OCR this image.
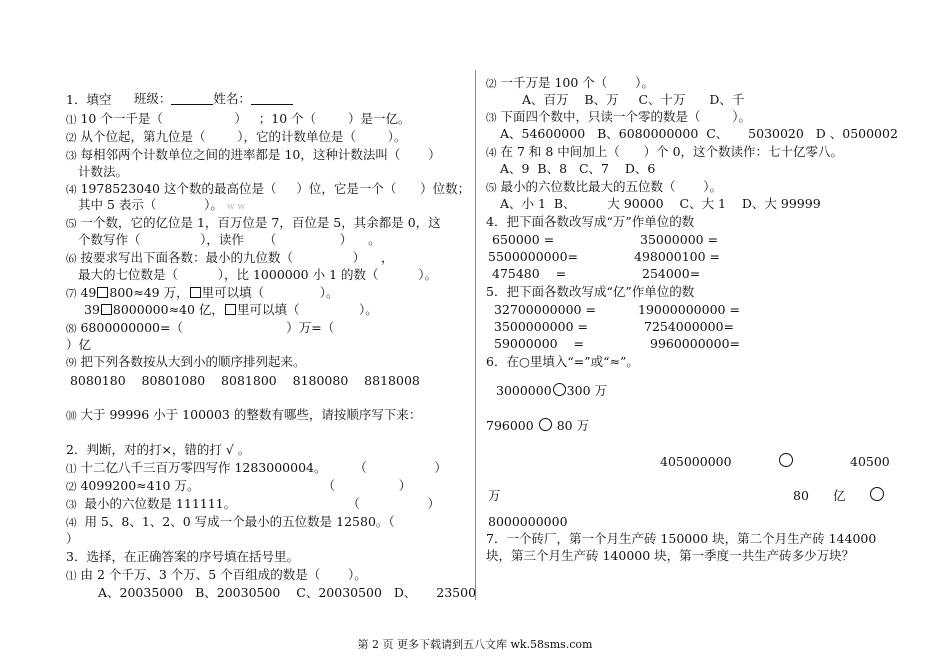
班级：	姓名：

1．填空
⑴ 10 个一千是（                  ）   ；10 个（        ）是一亿。
⑵ 从个位起，第九位是（        ），它的计数单位是（        ）。
⑶ 每相邻两个计数单位之间的进率都是 10，这种计数法叫（       ）
计数法。
⑷ 1978523040 这个数的最高位是（     ）位，它是一个（      ）位数；
其中 5 表示（            ）。 w w
⑸ 一个数，它的亿位是 1，百万位是 7，百位是 5，其余都是 0，这
个数写作（               ），读作     （                ）    。
⑹ 按要求写出下面各数：最小的九位数（               ）    ，
最大的七位数是（          ），比 1000000 小 1 的数（          ）。
⑺ 49 800≈49 万， 里可以填（              ）。
39 8000000≈40 亿， 里可以填（               ）。
⑻ 6800000000=（                          ）万=（
）亿
⑼ 把下列各数按从大到小的顺序排列起来。
8080180    80801080    8081800    8180080    8818008
⑽ 大于 99996 小于 100003 的整数有哪些，请按顺序写下来：
2．判断，对的打×，错的打 √ 。
⑴ 十二亿八千三百万零四写作 1283000004。       （                 ）
⑵ 4099200≈410 万。                               （                ）
⑶  最小的六位数是 111111。                            （                 ）
⑷  用 5、8、1、2、0 写成一个最小的五位数是 12580。（
）
3．选择，在正确答案的序号填在括号里。
⑴ 由 2 个千万、3 个万、5 个百组成的数是（       ）。
A、20035000   B、20030500    C、20030500   D、     23500
⑵ 一千万是 100 个（       ）。
A、百万    B、万     C、十万      D、千
⑶ 下面四个数中，只读一个零的数是（        ）。
A、54600000   B、6080000000  C、     5030020   D 、0500002
⑷ 在 7 和 8 中间加上（      ）个 0，这个数读作：七十亿零八。
A、9  B、8   C、7    D、6
⑸ 最小的六位数比最大的五位数（       ）。
A、小 1  B、        大 90000    C、大 1    D、大 99999
4．把下面各数改写成“万”作单位的数
650000 =	35000000 =
5500000000=	498000100 =
475480    =	254000=
5．把下面各数改写成“亿”作单位的数
32700000000 =	19000000000 =
3500000000 =	7254000000=
59000000    =	9960000000=
6．在○里填入“=”或“≈”。
3000000 300 万
796000 80 万
405000000	40500
万	80 亿
8000000000
7．一个砖厂，第一个月生产砖 150000 块，第二个月生产砖 144000
块，第三个月生产砖 140000 块，第一季度一共生产砖多少万块？
第 2 页 更多下载请到五八文库 wk.58sms.com
